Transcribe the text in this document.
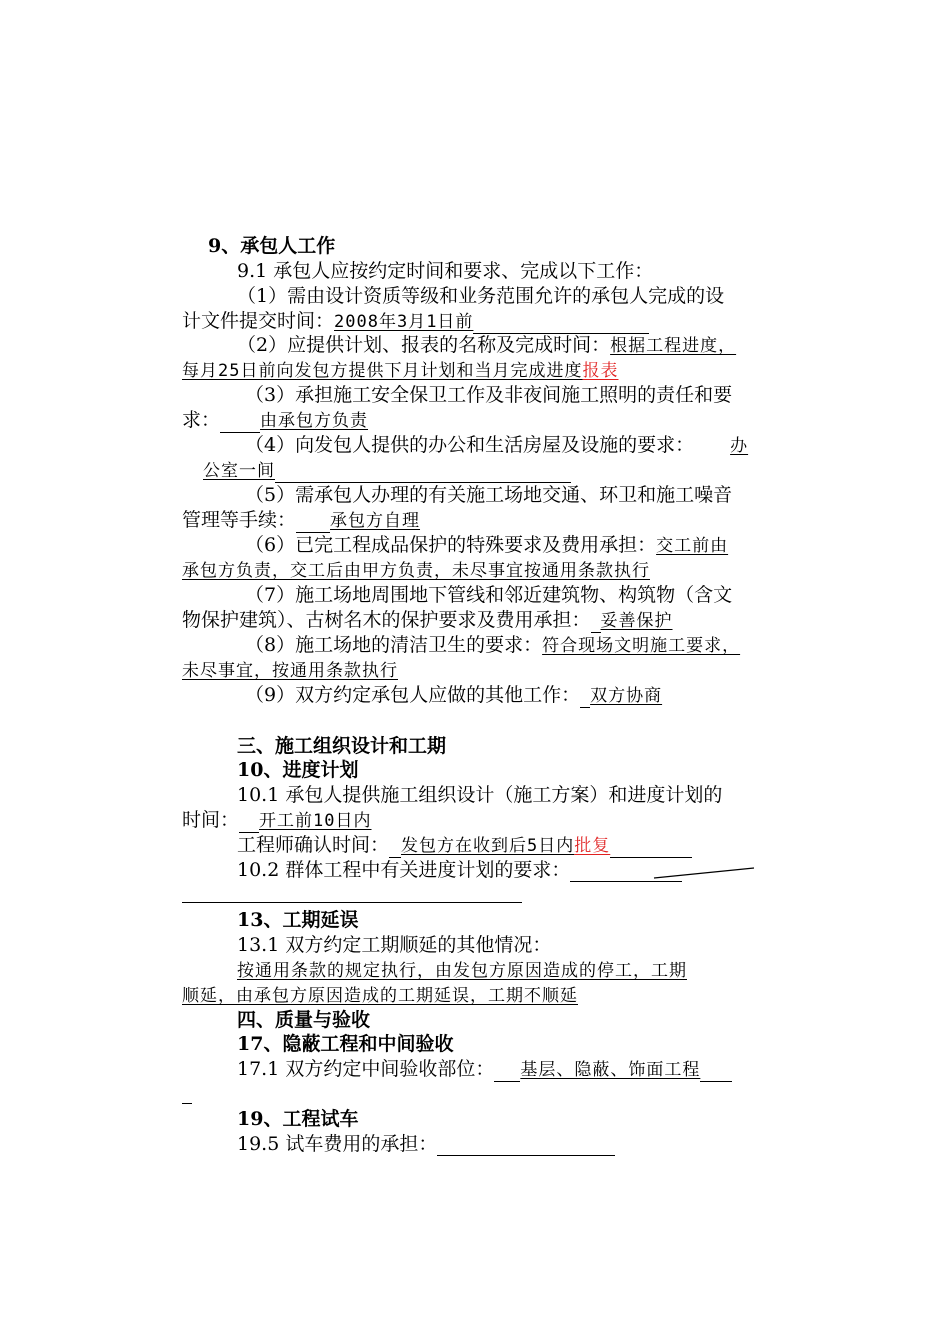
9、承包人工作
9.1 承包人应按约定时间和要求、完成以下工作：
（1）需由设计资质等级和业务范围允许的承包人完成的设
计文件提交时间：2008年3月1日前
（2）应提供计划、报表的名称及完成时间：根据工程进度，
每月25日前向发包方提供下月计划和当月完成进度报表
（3）承担施工安全保卫工作及非夜间施工照明的责任和要
求： 由承包方负责
（4）向发包人提供的办公和生活房屋及设施的要求： 办
公室一间
（5）需承包人办理的有关施工场地交通、环卫和施工噪音
管理等手续： 承包方自理
（6）已完工程成品保护的特殊要求及费用承担：交工前由
承包方负责，交工后由甲方负责，未尽事宜按通用条款执行
（7）施工场地周围地下管线和邻近建筑物、构筑物（含文
物保护建筑）、古树名木的保护要求及费用承担： 妥善保护
（8）施工场地的清洁卫生的要求：符合现场文明施工要求，
未尽事宜，按通用条款执行
（9）双方约定承包人应做的其他工作： 双方协商
三、施工组织设计和工期
10、进度计划
10.1 承包人提供施工组织设计（施工方案）和进度计划的
时间： 开工前10日内
工程师确认时间： 发包方在收到后5日内批复
10.2 群体工程中有关进度计划的要求：
13、工期延误
13.1 双方约定工期顺延的其他情况：
按通用条款的规定执行，由发包方原因造成的停工，工期
顺延，由承包方原因造成的工期延误，工期不顺延
四、质量与验收
17、隐蔽工程和中间验收
17.1 双方约定中间验收部位： 基层、隐蔽、饰面工程
19、工程试车
19.5 试车费用的承担：
